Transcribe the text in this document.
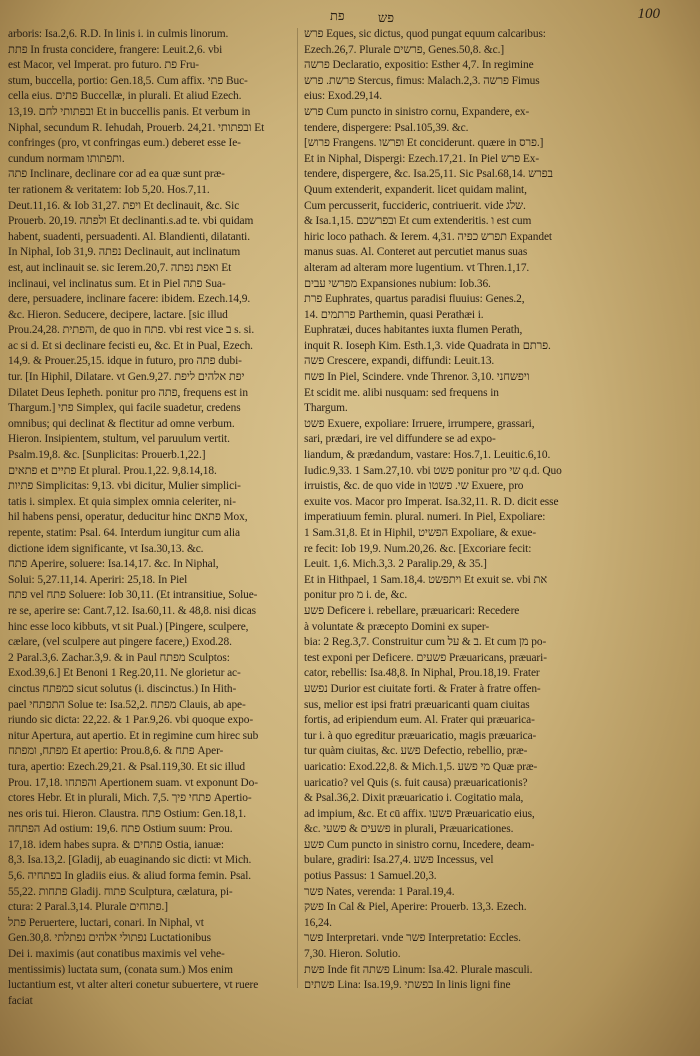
פת	פש	100

arboris: Isa.2,6. R.D. In linis i. in culmis linorum.

פתת In frusta concidere, frangere: Leuit.2,6. vbi

est Macor, vel Imperat. pro futuro. פת Fru-

stum, buccella, portio: Gen.18,5. Cum affix. פתי Buc-

cella eius. פתים Buccellæ, in plurali. Et aliud Ezech.

13,19. ובפתותי לחם Et in buccellis panis. Et verbum in

Niphal, secundum R. Iehudah, Prouerb. 24,21. ובפתותי Et

confringes (pro, vt confringas eum.) deberet esse Ie-

cundum normam ותפתותו.

פתה Inclinare, declinare cor ad ea quæ sunt præ-

ter rationem & veritatem: Iob 5,20. Hos.7,11.

Deut.11,16. & Iob 31,27. ויפת Et declinauit, &c. Sic

Prouerb. 20,19. ולפתה Et declinanti.s.ad te. vbi quidam

habent, suadenti, persuadenti. Al. Blandienti, dilatanti.

In Niphal, Iob 31,9. נפתה Declinauit, aut inclinatum

est, aut inclinauit se. sic Ierem.20,7. ואפת נפתה Et

inclinaui, vel inclinatus sum. Et in Piel פתה Sua-

dere, persuadere, inclinare facere: ibidem. Ezech.14,9.

&c. Hieron. Seducere, decipere, lactare. [sic illud

Prou.24,28. והפתית, de quo in פתח. vbi rest vice ב s. si.

ac si d. Et si declinare fecisti eu, &c. Et in Pual, Ezech.

14,9. & Prouer.25,15. idque in futuro, pro פתה dubi-

tur. [In Hiphil, Dilatare. vt Gen.9,27. יפת אלהים ליפת

Dilatet Deus Iepheth. ponitur pro פתה, frequens est in

Thargum.] פתי Simplex, qui facile suadetur, credens

omnibus; qui declinat & flectitur ad omne verbum.

Hieron. Insipientem, stultum, vel paruulum vertit.

Psalm.19,8. &c. [Sunplicitas: Prouerb.1,22.]

פתאים et פתיים Et plural. Prou.1,22. 9,8.14,18.

פתיות Simplicitas: 9,13. vbi dicitur, Mulier simplici-

tatis i. simplex. Et quia simplex omnia celeriter, ni-

hil habens pensi, operatur, deducitur hinc פתאם Mox,

repente, statim: Psal. 64. Interdum iungitur cum alia

dictione idem significante, vt Isa.30,13. &c.

פתח Aperire, soluere: Isa.14,17. &c. In Niphal,

Solui: 5,27.11,14. Aperiri: 25,18. In Piel

פתח vel פתח Soluere: Iob 30,11. (Et intransitiue, Solue-

re se, aperire se: Cant.7,12. Isa.60,11. & 48,8. nisi dicas

hinc esse loco kibbuts, vt sit Pual.) [Pingere, sculpere,

cælare, (vel sculpere aut pingere facere,) Exod.28.

2 Paral.3,6. Zachar.3,9. & in Paul מפתח Sculptos:

Exod.39,6.] Et Benoni 1 Reg.20,11. Ne glorietur ac-

cinctus כמפתח sicut solutus (i. discinctus.) In Hith-

pael התפתחי Solue te: Isa.52,2. מפתח Clauis, ab ape-

riundo sic dicta: 22,22. & 1 Par.9,26. vbi quoque expo-

nitur Apertura, aut apertio. Et in regimine cum hirec sub

מפתח, ומפתח Et apertio: Prou.8,6. & פתח Aper-

tura, apertio: Ezech.29,21. & Psal.119,30. Et sic illud

Prou. 17,18. והפתחו Apertionem suam. vt exponunt Do-

ctores Hebr. Et in plurali, Mich. 7,5. פתחי פיך Apertio-

nes oris tui. Hieron. Claustra. פתח Ostium: Gen.18,1.

הפתחה Ad ostium: 19,6. פתח Ostium suum: Prou.

17,18. idem habes supra. & פתחים Ostia, ianuæ:

8,3. Isa.13,2. [Gladij, ab euaginando sic dicti: vt Mich.

5,6. בפתחיה In gladiis eius. & aliud forma femin. Psal.

55,22. פתחות Gladij. פתוח Sculptura, cælatura, pi-

ctura: 2 Paral.3,14. Plurale פתוחים.]

פתל Peruertere, luctari, conari. In Niphal, vt

Gen.30,8. נפתולי אלהים נפתלתי Luctationibus

Dei i. maximis (aut conatibus maximis vel vehe-

mentissimis) luctata sum, (conata sum.) Mos enim

luctantium est, vt alter alteri conetur subuertere, vt ruere

faciat

פרש Eques, sic dictus, quod pungat equum calcaribus:

Ezech.26,7. Plurale פרשים, Genes.50,8. &c.]

פרשה Declaratio, expositio: Esther 4,7. In regimine

פרשת. פרש Stercus, fimus: Malach.2,3. פרשה Fimus

eius: Exod.29,14.

פרש Cum puncto in sinistro cornu, Expandere, ex-

tendere, dispergere: Psal.105,39. &c.

[פרוש Frangens. ופרשו Et conciderunt. quære in פרס.]

Et in Niphal, Dispergi: Ezech.17,21. In Piel פרש Ex-

tendere, dispergere, &c. Isa.25,11. Sic Psal.68,14. בפרש

Quum extenderit, expanderit. licet quidam malint,

Cum percusserit, fuccideric, contriuerit. vide שלג.

& Isa.1,15. ובפרשכם Et cum extenderitis. ו est cum

hiric loco pathach. & Ierem. 4,31. תפרש כפיה Expandet

manus suas. Al. Conteret aut percutiet manus suas

alteram ad alteram more lugentium. vt Thren.1,17.

מפרשי עבים Expansiones nubium: Iob.36.

פרת Euphrates, quartus paradisi fluuius: Genes.2,

14. פרתמים Parthemin, quasi Perathæi i.

Euphratæi, duces habitantes iuxta flumen Perath,

inquit R. Ioseph Kim. Esth.1,3. vide Quadrata in פרתם.

פשה Crescere, expandi, diffundi: Leuit.13.

פשח In Piel, Scindere. vnde Threnor. 3,10. ויפשחני

Et scidit me. alibi nusquam: sed frequens in

Thargum.

פשט Exuere, expoliare: Irruere, irrumpere, grassari,

sari, prædari, ire vel diffundere se ad expo-

liandum, & prædandum, vastare: Hos.7,1. Leuitic.6,10.

Iudic.9,33. 1 Sam.27,10. vbi פשט ponitur pro שי q.d. Quo

irruistis, &c. de quo vide in שי. פשטו Exuere, pro

exuite vos. Macor pro Imperat. Isa.32,11. R. D. dicit esse

imperatiuum femin. plural. numeri. In Piel, Expoliare:

1 Sam.31,8. Et in Hiphil, הפשיט Expoliare, & exue-

re fecit: Iob 19,9. Num.20,26. &c. [Excoriare fecit:

Leuit. 1,6. Mich.3,3. 2 Paralip.29, & 35.]

Et in Hithpael, 1 Sam.18,4. ויתפשט Et exuit se. vbi את

ponitur pro מ i. de, &c.

פשע Deficere i. rebellare, præuaricari: Recedere

à voluntate & præcepto Domini ex super-

bia: 2 Reg.3,7. Construitur cum ב & על. Et cum מן po-

test exponi per Deficere. פשעים Præuaricans, præuari-

cator, rebellis: Isa.48,8. In Niphal, Prou.18,19. Frater

נפשע Durior est ciuitate forti. & Frater à fratre offen-

sus, melior est ipsi fratri præuaricanti quam ciuitas

fortis, ad eripiendum eum. Al. Frater qui præuarica-

tur i. à quo egreditur præuaricatio, magis præuarica-

tur quàm ciuitas, &c. פשע Defectio, rebellio, præ-

uaricatio: Exod.22,8. & Mich.1,5. מי פשע Quæ præ-

uaricatio? vel Quis (s. fuit causa) præuaricationis?

& Psal.36,2. Dixit præuaricatio i. Cogitatio mala,

ad impium, &c. Et cū affix. פשעו Præuaricatio eius,

&c. פשעים & פשעי in plurali, Præuaricationes.

פשע Cum puncto in sinistro cornu, Incedere, deam-

bulare, gradiri: Isa.27,4. פשע Incessus, vel

potius Passus: 1 Samuel.20,3.

פשר Nates, verenda: 1 Paral.19,4.

פשק In Cal & Piel, Aperire: Prouerb. 13,3. Ezech.

16,24.

פשר Interpretari. vnde פשר Interpretatio: Eccles.

7,30. Hieron. Solutio.

פשת Inde fit פשתה Linum: Isa.42. Plurale masculi.

פשתים Lina: Isa.19,9. בפשתי In linis ligni fine
